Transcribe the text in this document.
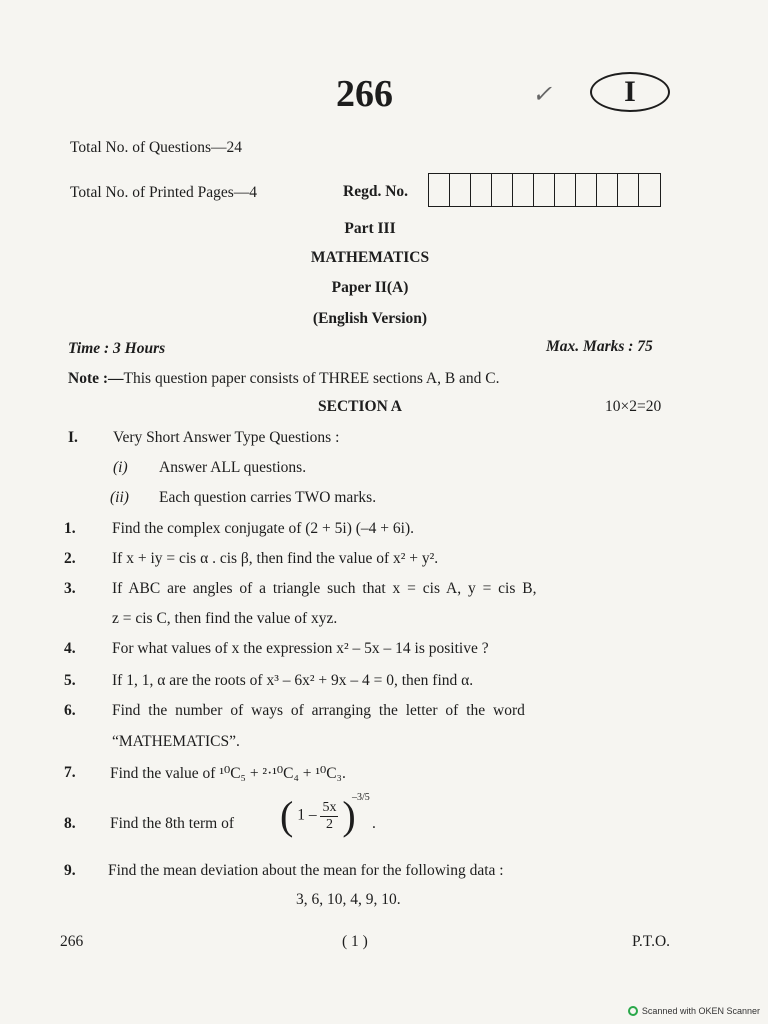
266	✓	I
Total No. of Questions—24
Total No. of Printed Pages—4	Regd. No.
Part III
MATHEMATICS
Paper II(A)
(English Version)
Time : 3 Hours	Max. Marks : 75
Note :—This question paper consists of THREE sections A, B and C.
SECTION A	10×2=20
I. Very Short Answer Type Questions :
(i) Answer ALL questions.
(ii) Each question carries TWO marks.
1. Find the complex conjugate of (2 + 5i) (–4 + 6i).
2. If x + iy = cis α . cis β, then find the value of x² + y².
3. If ABC are angles of a triangle such that x = cis A, y = cis B,
z = cis C, then find the value of xyz.
4. For what values of x the expression x² – 5x – 14 is positive ?
5. If 1, 1, α are the roots of x³ – 6x² + 9x – 4 = 0, then find α.
6. Find the number of ways of arranging the letter of the word
“MATHEMATICS”.
7. Find the value of ¹⁰C₅ + ²·¹⁰C₄ + ¹⁰C₃.
8. Find the 8th term of ( $1 - \frac{5x}{2}$ )
–3/5
.
9. Find the mean deviation about the mean for the following data :
3, 6, 10, 4, 9, 10.
266	( 1 )	P.T.O.
Scanned with OKEN Scanner
